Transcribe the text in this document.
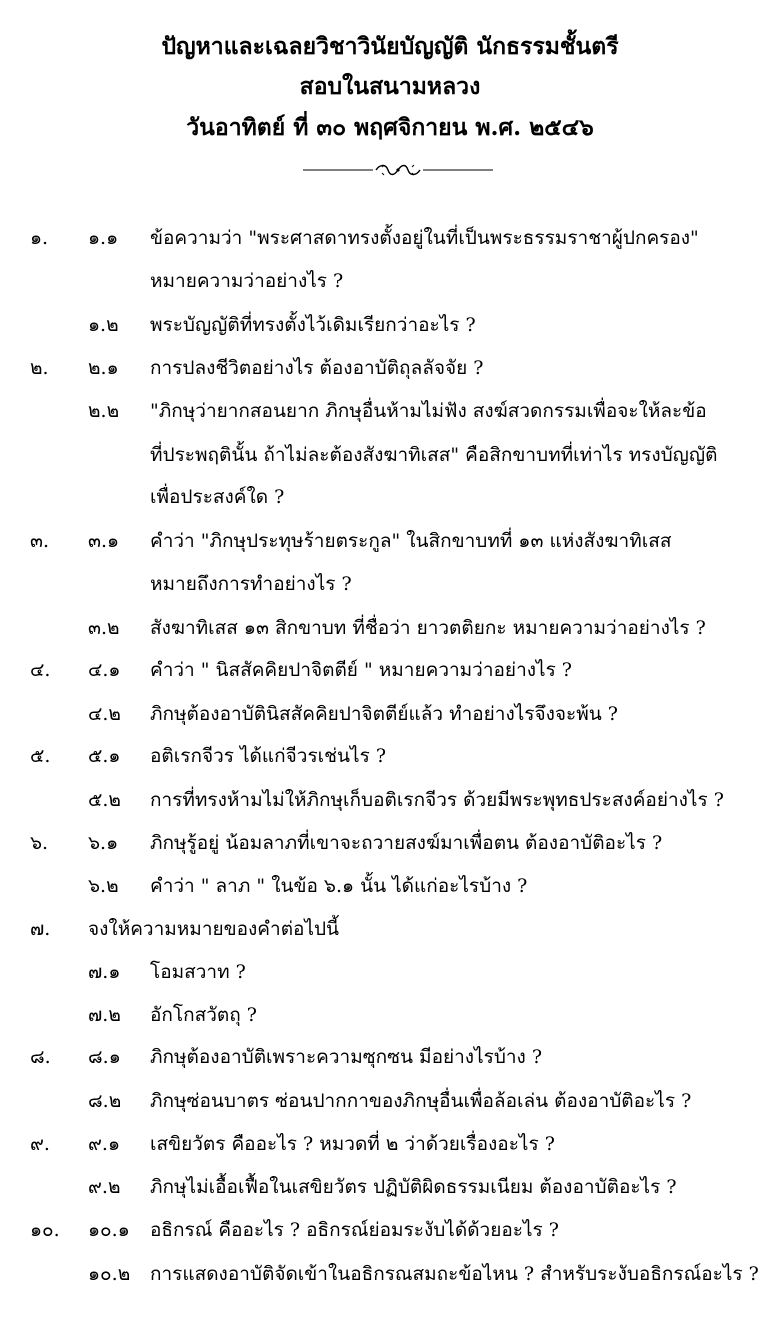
ปัญหาและเฉลยวิชาวินัยบัญญัติ นักธรรมชั้นตรี
สอบในสนามหลวง
วันอาทิตย์ ที่ ๓๐ พฤศจิกายน พ.ศ. ๒๕๔๖
๑. ๑.๑ ข้อความว่า "พระศาสดาทรงตั้งอยู่ในที่เป็นพระธรรมราชาผู้ปกครอง"
หมายความว่าอย่างไร ?
๑.๒ พระบัญญัติที่ทรงตั้งไว้เดิมเรียกว่าอะไร ?
๒. ๒.๑ การปลงชีวิตอย่างไร ต้องอาบัติถุลลัจจัย ?
๒.๒ "ภิกษุว่ายากสอนยาก ภิกษุอื่นห้ามไม่ฟัง สงฆ์สวดกรรมเพื่อจะให้ละข้อ
ที่ประพฤตินั้น ถ้าไม่ละต้องสังฆาทิเสส" คือสิกขาบทที่เท่าไร ทรงบัญญัติ
เพื่อประสงค์ใด ?
๓. ๓.๑ คำว่า "ภิกษุประทุษร้ายตระกูล" ในสิกขาบทที่ ๑๓ แห่งสังฆาทิเสส
หมายถึงการทำอย่างไร ?
๓.๒ สังฆาทิเสส ๑๓ สิกขาบท ที่ชื่อว่า ยาวตติยกะ หมายความว่าอย่างไร ?
๔. ๔.๑ คำว่า " นิสสัคคิยปาจิตตีย์ " หมายความว่าอย่างไร ?
๔.๒ ภิกษุต้องอาบัตินิสสัคคิยปาจิตตีย์แล้ว ทำอย่างไรจึงจะพ้น ?
๕. ๕.๑ อติเรกจีวร ได้แก่จีวรเช่นไร ?
๕.๒ การที่ทรงห้ามไม่ให้ภิกษุเก็บอติเรกจีวร ด้วยมีพระพุทธประสงค์อย่างไร ?
๖. ๖.๑ ภิกษุรู้อยู่ น้อมลาภที่เขาจะถวายสงฆ์มาเพื่อตน ต้องอาบัติอะไร ?
๖.๒ คำว่า " ลาภ " ในข้อ ๖.๑ นั้น ได้แก่อะไรบ้าง ?
๗. จงให้ความหมายของคำต่อไปนี้
๗.๑ โอมสวาท ?
๗.๒ อักโกสวัตถุ ?
๘. ๘.๑ ภิกษุต้องอาบัติเพราะความซุกซน มีอย่างไรบ้าง ?
๘.๒ ภิกษุซ่อนบาตร ซ่อนปากกาของภิกษุอื่นเพื่อล้อเล่น ต้องอาบัติอะไร ?
๙. ๙.๑ เสขิยวัตร คืออะไร ? หมวดที่ ๒ ว่าด้วยเรื่องอะไร ?
๙.๒ ภิกษุไม่เอื้อเฟื้อในเสขิยวัตร ปฏิบัติผิดธรรมเนียม ต้องอาบัติอะไร ?
๑๐. ๑๐.๑ อธิกรณ์ คืออะไร ? อธิกรณ์ย่อมระงับได้ด้วยอะไร ?
๑๐.๒ การแสดงอาบัติจัดเข้าในอธิกรณสมถะข้อไหน ? สำหรับระงับอธิกรณ์อะไร ?
